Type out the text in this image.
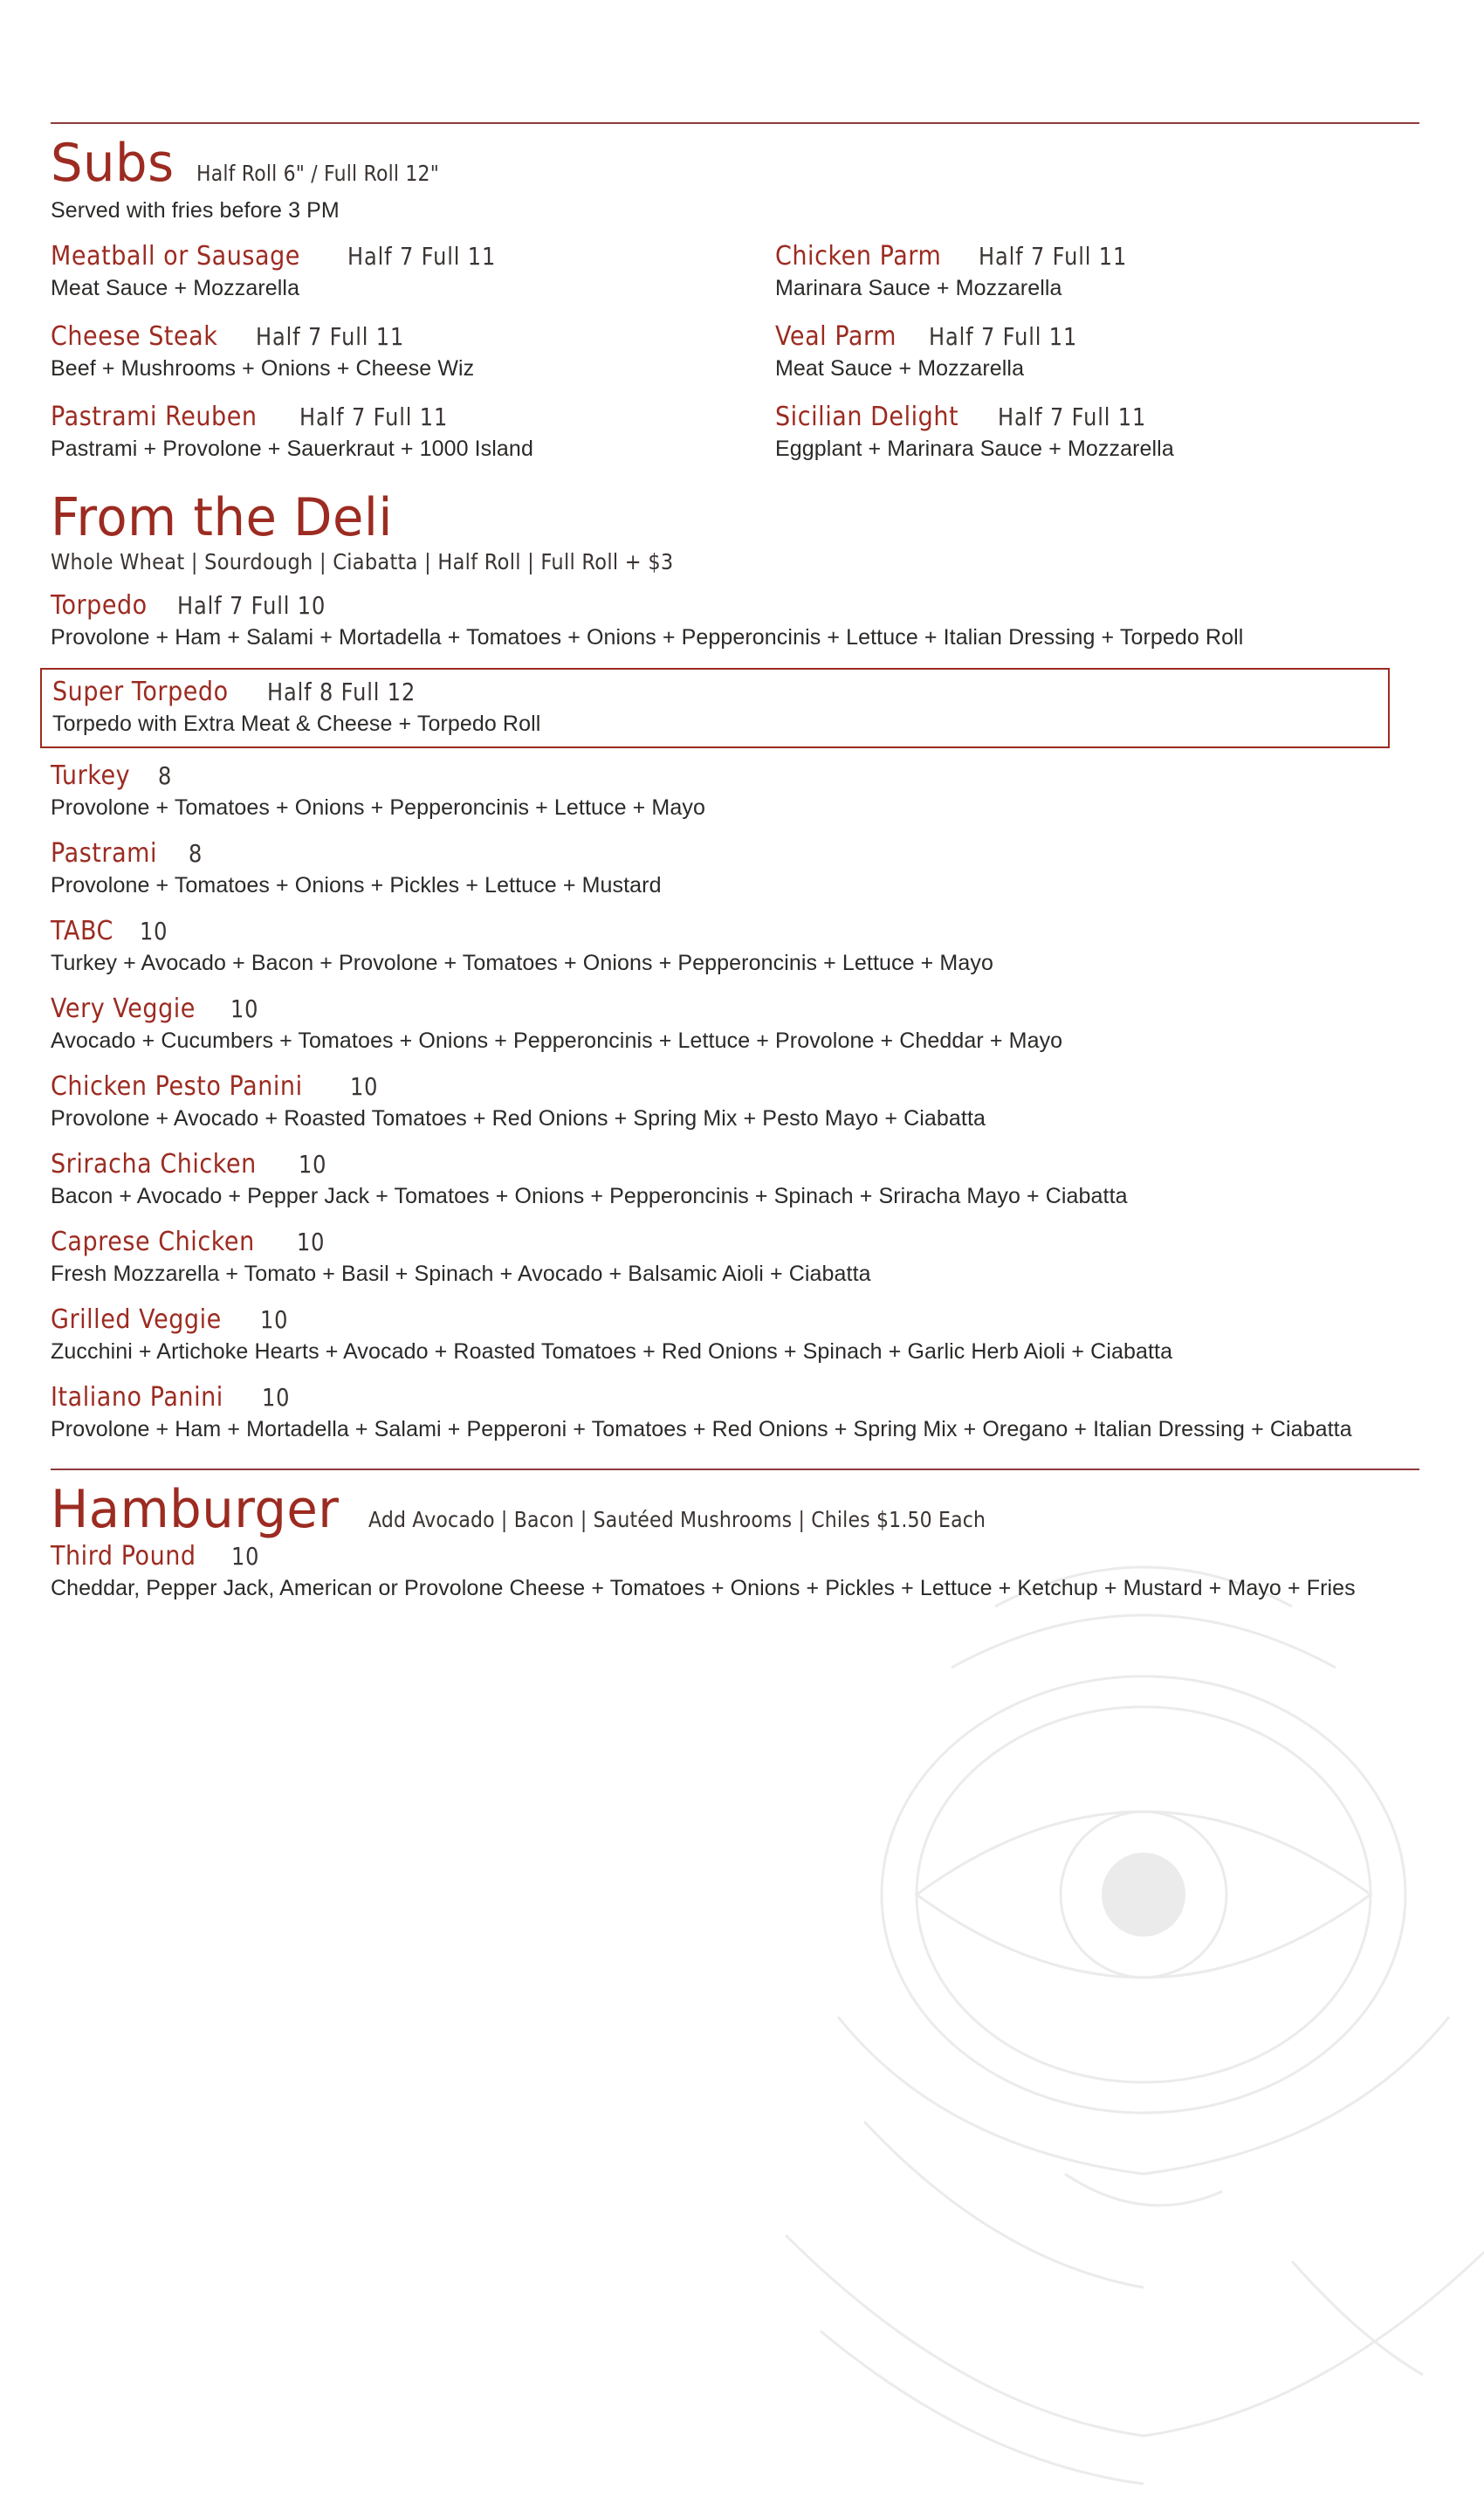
Subs Half Roll 6" / Full Roll 12"
Served with fries before 3 PM
Meatball or Sausage Half 7 Full 11
Meat Sauce + Mozzarella
Cheese Steak Half 7 Full 11
Beef + Mushrooms + Onions + Cheese Wiz
Pastrami Reuben Half 7 Full 11
Pastrami + Provolone + Sauerkraut + 1000 Island
Chicken Parm Half 7 Full 11
Marinara Sauce + Mozzarella
Veal Parm Half 7 Full 11
Meat Sauce + Mozzarella
Sicilian Delight Half 7 Full 11
Eggplant + Marinara Sauce + Mozzarella
From the Deli
Whole Wheat | Sourdough | Ciabatta | Half Roll | Full Roll + $3
Torpedo Half 7 Full 10
Provolone + Ham + Salami + Mortadella + Tomatoes + Onions + Pepperoncinis + Lettuce + Italian Dressing + Torpedo Roll
Super Torpedo Half 8 Full 12
Torpedo with Extra Meat & Cheese + Torpedo Roll
Turkey 8
Provolone + Tomatoes + Onions + Pepperoncinis + Lettuce + Mayo
Pastrami 8
Provolone + Tomatoes + Onions + Pickles + Lettuce + Mustard
TABC 10
Turkey + Avocado + Bacon + Provolone + Tomatoes + Onions + Pepperoncinis + Lettuce + Mayo
Very Veggie 10
Avocado + Cucumbers + Tomatoes + Onions + Pepperoncinis + Lettuce + Provolone + Cheddar + Mayo
Chicken Pesto Panini 10
Provolone + Avocado + Roasted Tomatoes + Red Onions + Spring Mix + Pesto Mayo + Ciabatta
Sriracha Chicken 10
Bacon + Avocado + Pepper Jack + Tomatoes + Onions + Pepperoncinis + Spinach + Sriracha Mayo + Ciabatta
Caprese Chicken 10
Fresh Mozzarella + Tomato + Basil + Spinach + Avocado + Balsamic Aioli + Ciabatta
Grilled Veggie 10
Zucchini + Artichoke Hearts + Avocado + Roasted Tomatoes + Red Onions + Spinach + Garlic Herb Aioli + Ciabatta
Italiano Panini 10
Provolone + Ham + Mortadella + Salami + Pepperoni + Tomatoes + Red Onions + Spring Mix + Oregano + Italian Dressing + Ciabatta
Hamburger Add Avocado | Bacon | Sautéed Mushrooms | Chiles $1.50 Each
Third Pound 10
Cheddar, Pepper Jack, American or Provolone Cheese + Tomatoes + Onions + Pickles + Lettuce + Ketchup + Mustard + Mayo + Fries
